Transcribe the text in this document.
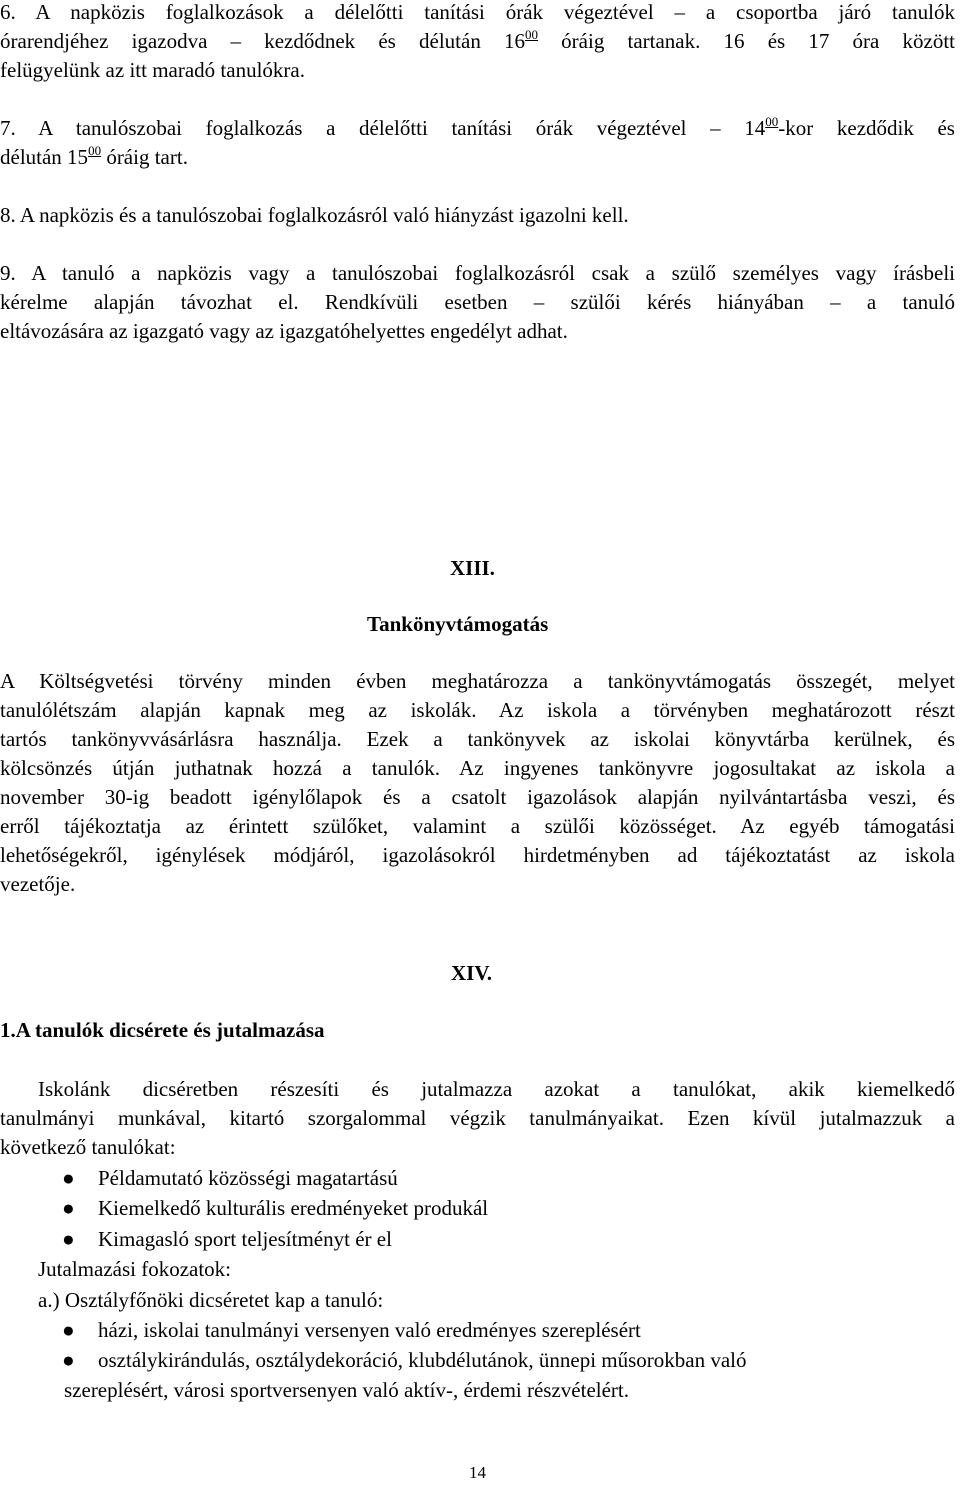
6. A napközis foglalkozások a délelőtti tanítási órák végeztével – a csoportba járó tanulók
órarendjéhez igazodva – kezdődnek és délután $16^{00}$ óráig tartanak. 16 és 17 óra között
felügyelünk az itt maradó tanulókra.
7. A tanulószobai foglalkozás a délelőtti tanítási órák végeztével – $14^{00}$-kor kezdődik és
délután $15^{00}$ óráig tart.
8. A napközis és a tanulószobai foglalkozásról való hiányzást igazolni kell.
9. A tanuló a napközis vagy a tanulószobai foglalkozásról csak a szülő személyes vagy írásbeli
kérelme alapján távozhat el. Rendkívüli esetben – szülői kérés hiányában – a tanuló
eltávozására az igazgató vagy az igazgatóhelyettes engedélyt adhat.
XIII.
Tankönyvtámogatás
A Költségvetési törvény minden évben meghatározza a tankönyvtámogatás összegét, melyet
tanulólétszám alapján kapnak meg az iskolák. Az iskola a törvényben meghatározott részt
tartós tankönyvvásárlásra használja. Ezek a tankönyvek az iskolai könyvtárba kerülnek, és
kölcsönzés útján juthatnak hozzá a tanulók. Az ingyenes tankönyvre jogosultakat az iskola a
november 30-ig beadott igénylőlapok és a csatolt igazolások alapján nyilvántartásba veszi, és
erről tájékoztatja az érintett szülőket, valamint a szülői közösséget. Az egyéb támogatási
lehetőségekről, igénylések módjáról, igazolásokról hirdetményben ad tájékoztatást az iskola
vezetője.
XIV.
1.A tanulók dicsérete és jutalmazása
Iskolánk dicséretben részesíti és jutalmazza azokat a tanulókat, akik kiemelkedő
tanulmányi munkával, kitartó szorgalommal végzik tanulmányaikat. Ezen kívül jutalmazzuk a
következő tanulókat:
● Példamutató közösségi magatartású
● Kiemelkedő kulturális eredményeket produkál
● Kimagasló sport teljesítményt ér el
Jutalmazási fokozatok:
a.) Osztályfőnöki dicséretet kap a tanuló:
● házi, iskolai tanulmányi versenyen való eredményes szereplésért
● osztálykirándulás, osztálydekoráció, klubdélutánok, ünnepi műsorokban való
szereplésért, városi sportversenyen való aktív-, érdemi részvételért.
14
